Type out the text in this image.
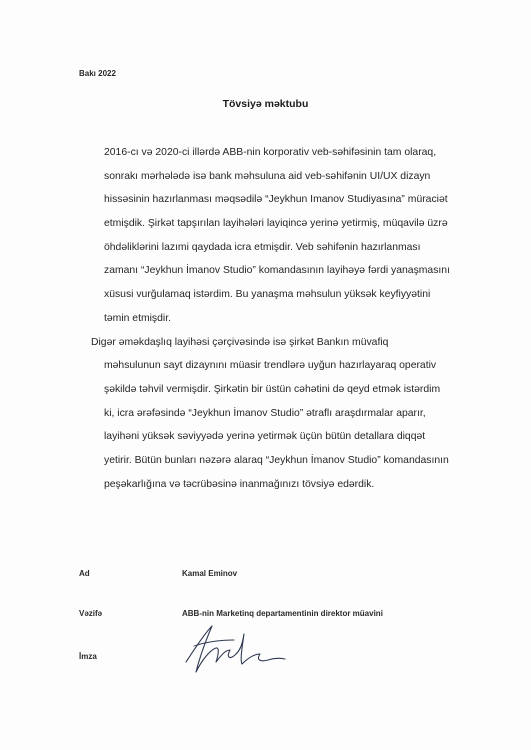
Bakı 2022
Tövsiyə məktubu
2016-cı və 2020-ci illərdə ABB-nin korporativ veb-səhifəsinin tam olaraq,
sonrakı mərhələdə isə bank məhsuluna aid veb-səhifənin UI/UX dizayn
hissəsinin hazırlanması məqsədilə “Jeykhun Imanov Studiyasına” müraciət
etmişdik. Şirkət tapşırılan layihələri layiqincə yerinə yetirmiş, müqavilə üzrə
öhdəliklərini lazımi qaydada icra etmişdir. Veb səhifənin hazırlanması
zamanı “Jeykhun İmanov Studio” komandasının layihəyə fərdi yanaşmasını
xüsusi vurğulamaq istərdim. Bu yanaşma məhsulun yüksək keyfiyyətini
təmin etmişdir.
Digər əməkdaşlıq layihəsi çərçivəsində isə şirkət Bankın müvafiq
məhsulunun sayt dizaynını müasir trendlərə uyğun hazırlayaraq operativ
şəkildə təhvil vermişdir. Şirkətin bir üstün cəhətini də qeyd etmək istərdim
ki, icra ərəfəsində “Jeykhun İmanov Studio” ətraflı araşdırmalar aparır,
layihəni yüksək səviyyədə yerinə yetirmək üçün bütün detallara diqqət
yetirir. Bütün bunları nəzərə alaraq “Jeykhun İmanov Studio” komandasının
peşəkarlığına və təcrübəsinə inanmağınızı tövsiyə edərdik.
Ad	Kamal Eminov
Vəzifə	ABB-nin Marketinq departamentinin direktor müavini
İmza
